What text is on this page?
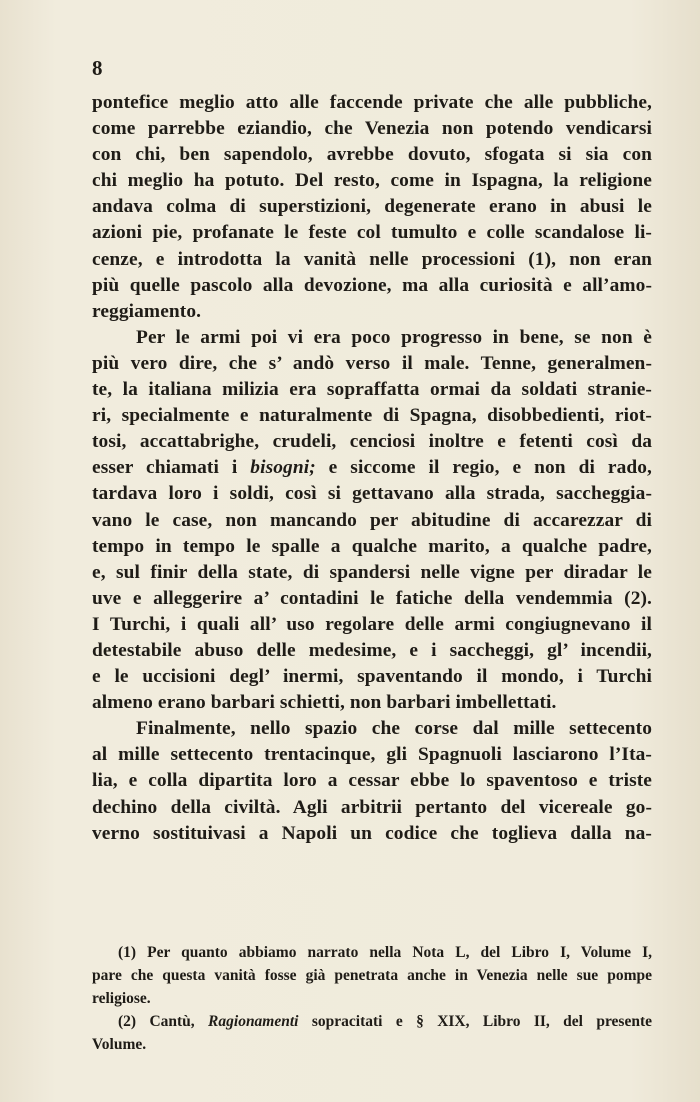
8
pontefice meglio atto alle faccende private che alle pubbliche,
come parrebbe eziandio, che Venezia non potendo vendicarsi
con chi, ben sapendolo, avrebbe dovuto, sfogata si sia con
chi meglio ha potuto. Del resto, come in Ispagna, la religione
andava colma di superstizioni, degenerate erano in abusi le
azioni pie, profanate le feste col tumulto e colle scandalose li-
cenze, e introdotta la vanità nelle processioni (1), non eran
più quelle pascolo alla devozione, ma alla curiosità e all’amo-
reggiamento.
Per le armi poi vi era poco progresso in bene, se non è
più vero dire, che s’ andò verso il male. Tenne, generalmen-
te, la italiana milizia era sopraffatta ormai da soldati stranie-
ri, specialmente e naturalmente di Spagna, disobbedienti, riot-
tosi, accattabrighe, crudeli, cenciosi inoltre e fetenti così da
esser chiamati i bisogni; e siccome il regio, e non di rado,
tardava loro i soldi, così si gettavano alla strada, saccheggia-
vano le case, non mancando per abitudine di accarezzar di
tempo in tempo le spalle a qualche marito, a qualche padre,
e, sul finir della state, di spandersi nelle vigne per diradar le
uve e alleggerire a’ contadini le fatiche della vendemmia (2).
I Turchi, i quali all’ uso regolare delle armi congiugnevano il
detestabile abuso delle medesime, e i saccheggi, gl’ incendii,
e le uccisioni degl’ inermi, spaventando il mondo, i Turchi
almeno erano barbari schietti, non barbari imbellettati.
Finalmente, nello spazio che corse dal mille settecento
al mille settecento trentacinque, gli Spagnuoli lasciarono l’Ita-
lia, e colla dipartita loro a cessar ebbe lo spaventoso e triste
dechino della civiltà. Agli arbitrii pertanto del vicereale go-
verno sostituivasi a Napoli un codice che toglieva dalla na-
(1) Per quanto abbiamo narrato nella Nota L, del Libro I, Volume I,
pare che questa vanità fosse già penetrata anche in Venezia nelle sue pompe
religiose.
(2) Cantù, Ragionamenti sopracitati e § XIX, Libro II, del presente
Volume.
